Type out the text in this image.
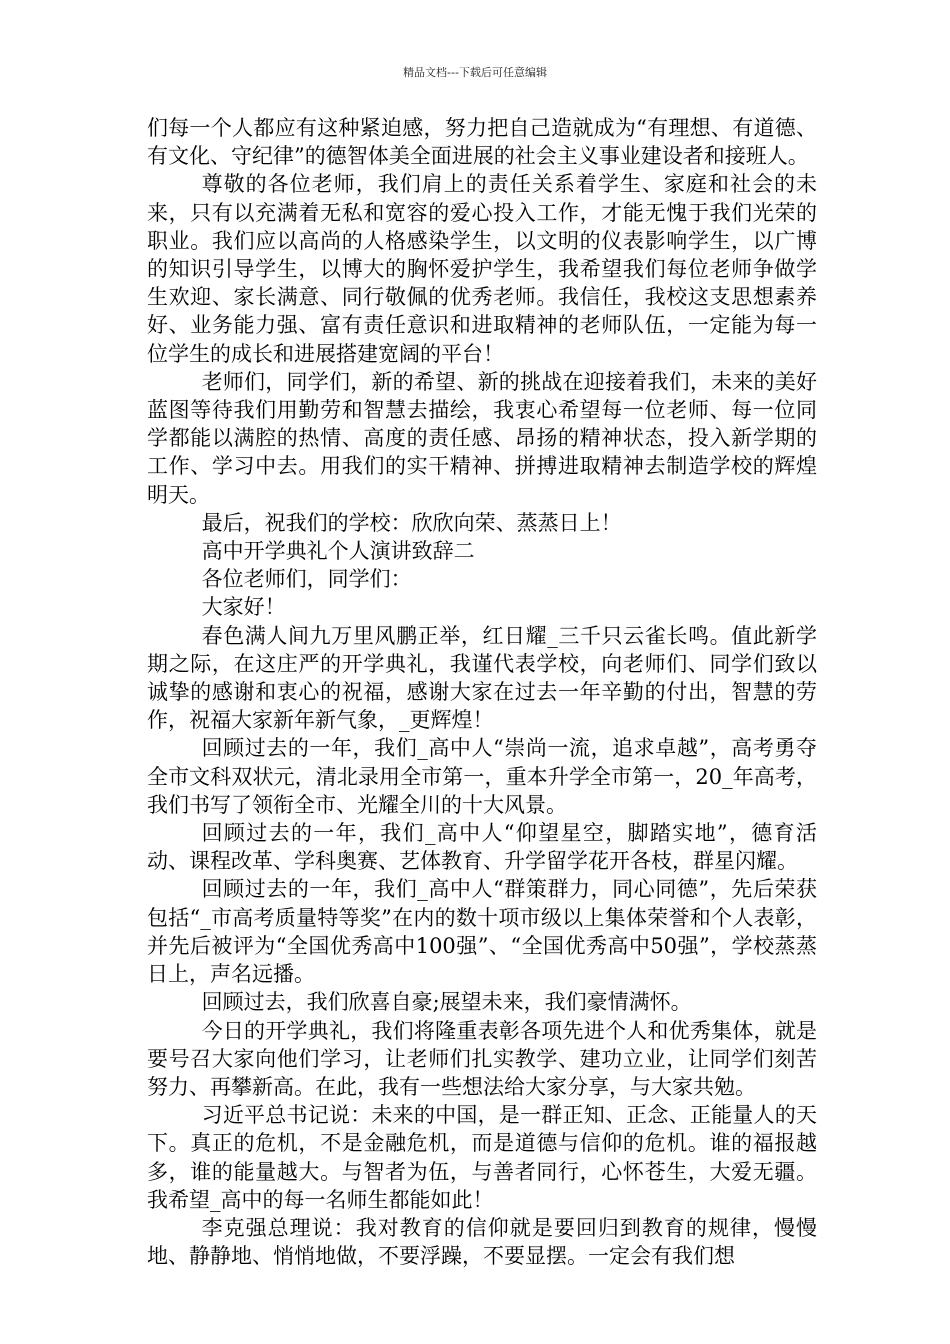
精品文档---下载后可任意编辑

们每一个人都应有这种紧迫感，努力把自己造就成为“有理想、有道德、有文化、守纪律”的德智体美全面进展的社会主义事业建设者和接班人。

尊敬的各位老师，我们肩上的责任关系着学生、家庭和社会的未来，只有以充满着无私和宽容的爱心投入工作，才能无愧于我们光荣的职业。我们应以高尚的人格感染学生，以文明的仪表影响学生，以广博的知识引导学生，以博大的胸怀爱护学生，我希望我们每位老师争做学生欢迎、家长满意、同行敬佩的优秀老师。我信任，我校这支思想素养好、业务能力强、富有责任意识和进取精神的老师队伍，一定能为每一位学生的成长和进展搭建宽阔的平台！

老师们，同学们，新的希望、新的挑战在迎接着我们，未来的美好蓝图等待我们用勤劳和智慧去描绘，我衷心希望每一位老师、每一位同学都能以满腔的热情、高度的责任感、昂扬的精神状态，投入新学期的工作、学习中去。用我们的实干精神、拼搏进取精神去制造学校的辉煌明天。

最后，祝我们的学校：欣欣向荣、蒸蒸日上！

高中开学典礼个人演讲致辞二

各位老师们，同学们：

大家好！

春色满人间九万里风鹏正举，红日耀_三千只云雀长鸣。值此新学期之际，在这庄严的开学典礼，我谨代表学校，向老师们、同学们致以诚挚的感谢和衷心的祝福，感谢大家在过去一年辛勤的付出，智慧的劳作，祝福大家新年新气象，_更辉煌！

回顾过去的一年，我们_高中人“崇尚一流，追求卓越”，高考勇夺全市文科双状元，清北录用全市第一，重本升学全市第一，20_年高考，我们书写了领衔全市、光耀全川的十大风景。

回顾过去的一年，我们_高中人“仰望星空，脚踏实地”，德育活动、课程改革、学科奥赛、艺体教育、升学留学花开各枝，群星闪耀。

回顾过去的一年，我们_高中人“群策群力，同心同德”，先后荣获包括“_市高考质量特等奖”在内的数十项市级以上集体荣誉和个人表彰，并先后被评为“全国优秀高中100强”、“全国优秀高中50强”，学校蒸蒸日上，声名远播。

回顾过去，我们欣喜自豪;展望未来，我们豪情满怀。

今日的开学典礼，我们将隆重表彰各项先进个人和优秀集体，就是要号召大家向他们学习，让老师们扎实教学、建功立业，让同学们刻苦努力、再攀新高。在此，我有一些想法给大家分享，与大家共勉。

习近平总书记说：未来的中国，是一群正知、正念、正能量人的天下。真正的危机，不是金融危机，而是道德与信仰的危机。谁的福报越多，谁的能量越大。与智者为伍，与善者同行，心怀苍生，大爱无疆。我希望_高中的每一名师生都能如此！

李克强总理说：我对教育的信仰就是要回归到教育的规律，慢慢地、静静地、悄悄地做，不要浮躁，不要显摆。一定会有我们想
